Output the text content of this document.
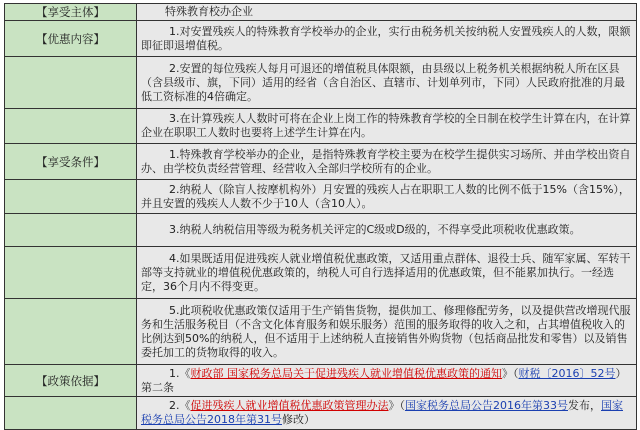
【享受主体】	特殊教育校办企业
【优惠内容】	1.对安置残疾人的特殊教育学校举办的企业，实行由税务机关按纳税人安置残疾人的人数，限额即征即退增值税。
	2.安置的每位残疾人每月可退还的增值税具体限额，由县级以上税务机关根据纳税人所在区县（含县级市、旗，下同）适用的经省（含自治区、直辖市、计划单列市，下同）人民政府批准的月最低工资标准的4倍确定。
	3.在计算残疾人人数时可将在企业上岗工作的特殊教育学校的全日制在校学生计算在内，在计算企业在职职工人数时也要将上述学生计算在内。
【享受条件】	1.特殊教育学校举办的企业，是指特殊教育学校主要为在校学生提供实习场所、并由学校出资自办、由学校负责经营管理、经营收入全部归学校所有的企业。
	2.纳税人（除盲人按摩机构外）月安置的残疾人占在职职工人数的比例不低于15%（含15%），并且安置的残疾人人数不少于10人（含10人）。
	3.纳税人纳税信用等级为税务机关评定的C级或D级的，不得享受此项税收优惠政策。
	4.如果既适用促进残疾人就业增值税优惠政策，又适用重点群体、退役士兵、随军家属、军转干部等支持就业的增值税优惠政策的，纳税人可自行选择适用的优惠政策，但不能累加执行。一经选定，36个月内不得变更。
	5.此项税收优惠政策仅适用于生产销售货物，提供加工、修理修配劳务，以及提供营改增现代服务和生活服务税目（不含文化体育服务和娱乐服务）范围的服务取得的收入之和，占其增值税收入的比例达到50%的纳税人，但不适用于上述纳税人直接销售外购货物（包括商品批发和零售）以及销售委托加工的货物取得的收入。
【政策依据】	1.《财政部 国家税务总局关于促进残疾人就业增值税优惠政策的通知》（财税〔2016〕52号）第二条
	2.《促进残疾人就业增值税优惠政策管理办法》（国家税务总局公告2016年第33号发布，国家税务总局公告2018年第31号修改）
